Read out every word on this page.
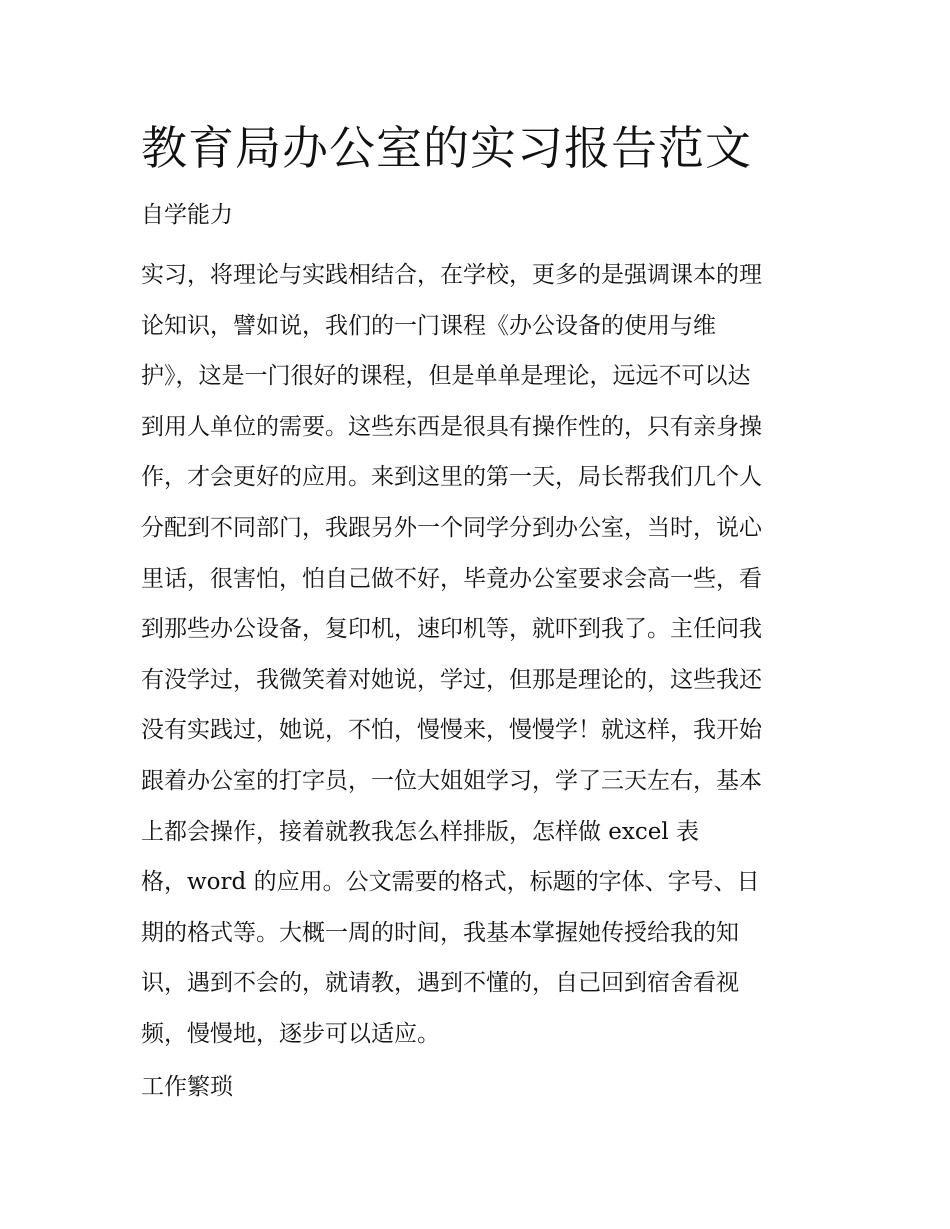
教育局办公室的实习报告范文
自学能力
实习，将理论与实践相结合，在学校，更多的是强调课本的理
论知识，譬如说，我们的一门课程《办公设备的使用与维
护》，这是一门很好的课程，但是单单是理论，远远不可以达
到用人单位的需要。这些东西是很具有操作性的，只有亲身操
作，才会更好的应用。来到这里的第一天，局长帮我们几个人
分配到不同部门，我跟另外一个同学分到办公室，当时，说心
里话，很害怕，怕自己做不好，毕竟办公室要求会高一些，看
到那些办公设备，复印机，速印机等，就吓到我了。主任问我
有没学过，我微笑着对她说，学过，但那是理论的，这些我还
没有实践过，她说，不怕，慢慢来，慢慢学！就这样，我开始
跟着办公室的打字员，一位大姐姐学习，学了三天左右，基本
上都会操作，接着就教我怎么样排版，怎样做 excel 表
格，word 的应用。公文需要的格式，标题的字体、字号、日
期的格式等。大概一周的时间，我基本掌握她传授给我的知
识，遇到不会的，就请教，遇到不懂的，自己回到宿舍看视
频，慢慢地，逐步可以适应。
工作繁琐
